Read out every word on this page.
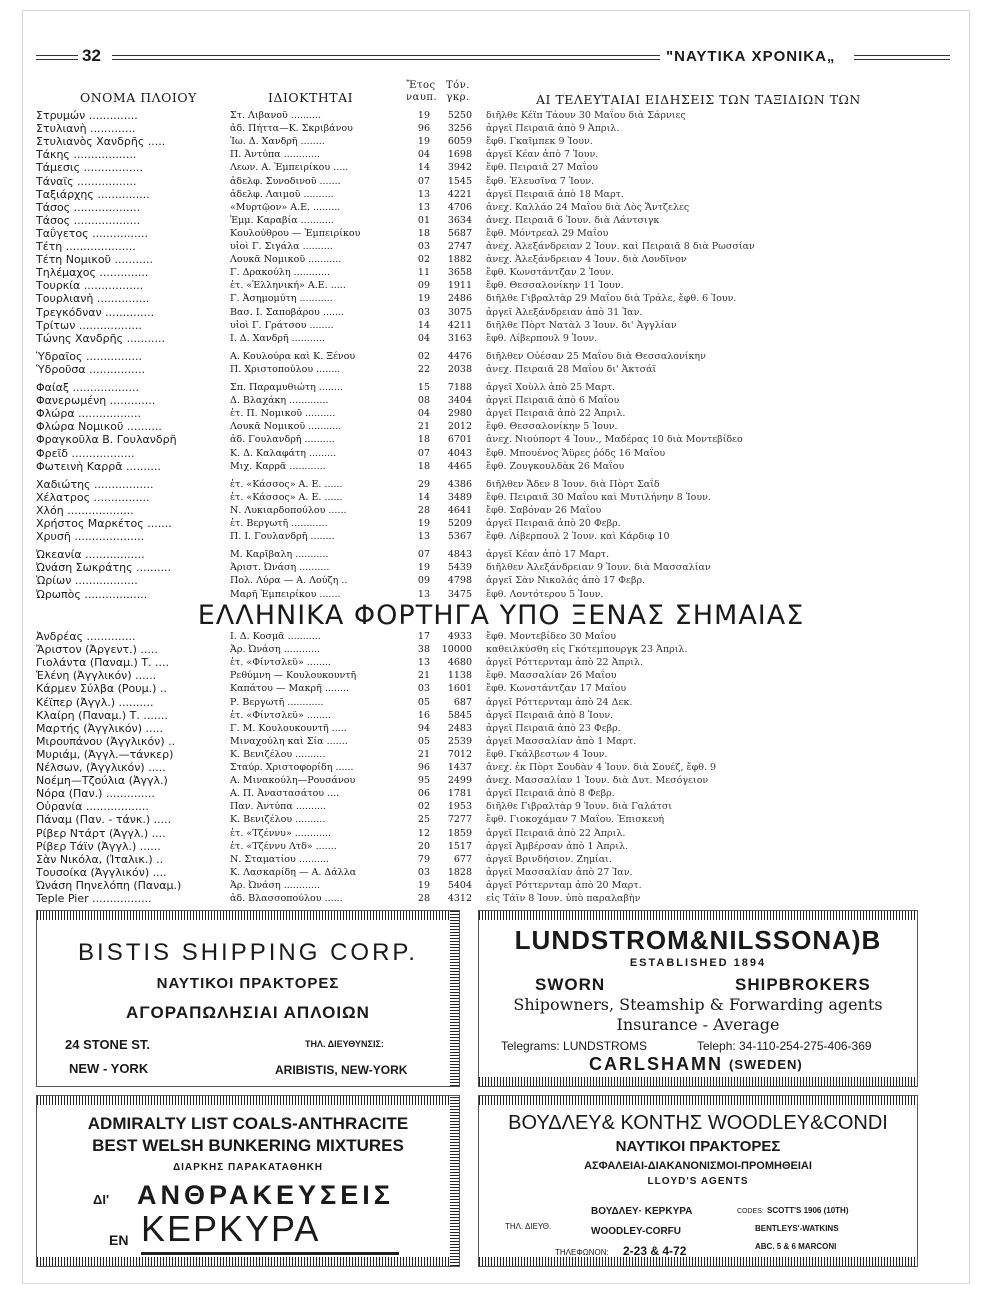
32	"ΝΑΥΤΙΚΑ ΧΡΟΝΙΚΑ„
ΟΝΟΜΑ ΠΛΟΙΟΥ	ΙΔΙΟΚΤΗΤΑΙ
Ἔτος ναυπ.
Τόν. γκρ.	ΑΙ ΤΕΛΕΥΤΑΙΑΙ ΕΙΔΗΣΕΙΣ ΤΩΝ ΤΑΞΙΔΙΩΝ ΤΩΝ
Στρυμών ..............	Στ. Λιβανοῦ ..........	19	5250 διῆλθε Κέϊπ Τάουν 30 Μαΐου διὰ Σάρνιες
Στυλιανὴ .............	ἀδ. Πήττα—Κ. Σκριβάνου	96	3256 ἀργεῖ Πειραιᾶ ἀπὸ 9 Ἀπριλ.
Στυλιανὸς Χανδρῆς .....	Ἰω. Δ. Χανδρῆ ........	19	6059 ἔφθ. Γκαῖμπεκ 9 Ἰουν.
Τάκης ..................	Π. Ἀντύπα ............	04	1698 ἀργεῖ Κέαν ἀπὸ 7 Ἰουν.
Τάμεσις .................	Λεων. Α. Ἐμπειρίκου .....	14	3942 ἔφθ. Πειραιᾶ 27 Μαΐου
Τάναϊς .................	ἀδελφ. Συνοδινοῦ .......	07	1545 ἔφθ. Ἐλευσῖνα 7 Ἰουν.
Ταξιάρχης ...............	ἀδελφ. Λαιμοῦ ..........	13	4221 ἀργεῖ Πειραιᾶ ἀπὸ 18 Μαρτ.
Τάσος ...................	«Μυρτῷον» Α.Ε. .........	13	4706 ἀνεχ. Καλλάο 24 Μαΐου διὰ Λὸς Ἄντζελες
Τάσος ...................	Ἐμμ. Καραβία ...........	01	3634 ἀνεχ. Πειραιᾶ 6 Ἰουν. διὰ Λάντσιγκ
Ταΰγετος ................	Κουλούθρου — Ἐμπειρίκου	18	5687 ἔφθ. Μόντρεαλ 29 Μαΐου
Τέτη ....................	υἱοὶ Γ. Σιγάλα ..........	03	2747 ἀνεχ. Ἀλεξάνδρειαν 2 Ἰουν. καὶ Πειραιᾶ 8 διὰ Ρωσσίαν
Τέτη Νομικοῦ ...........	Λουκᾶ Νομικοῦ ...........	02	1882 ἀνεχ. Ἀλεξάνδρειαν 4 Ἰουν. διὰ Λονδῖνον
Τηλέμαχος ..............	Γ. Δρακούλη ............	11	3658 ἔφθ. Κωνστάντζαν 2 Ἰουν.
Τουρκία .................	ἑτ. «Ἑλληνική» Α.Ε. .....	09	1911 ἔφθ. Θεσσαλονίκην 11 Ἰουν.
Τουρλιανὴ ...............	Γ. Ἀσημομύτη ...........	19	2486 διῆλθε Γιβραλτὰρ 29 Μαΐου διὰ Τράλε, ἔφθ. 6 Ἰουν.
Τρεγκόδναν ..............	Βασ. Ι. Σαποβάρου .......	03	3075 ἀργεῖ Ἀλεξάνδρειαν ἀπὸ 31 Ἰαν.
Τρίτων ..................	υἱοὶ Γ. Γράτσου ........	14	4211 διῆλθε Πὸρτ Νατὰλ 3 Ἰουν. δι' Ἀγγλίαν
Τώνης Χανδρῆς ...........	Ι. Δ. Χανδρῆ ...........	04	3163 ἔφθ. Λίβερπουλ 9 Ἰουν.
Ὑδραῖος ................	Α. Κουλούρα καὶ Κ. Ξένου	02	4476 διῆλθεν Οὐέσαν 25 Μαΐου διὰ Θεσσαλονίκην
Ὑδροῦσα ................	Π. Χριστοπούλου ........	22	2038 ἀνεχ. Πειραιᾶ 28 Μαΐου δι' Ἀκτσάϊ
Φαίαξ ...................	Σπ. Παραμυθιώτη ........	15	7188 ἀργεῖ Χοὺλλ ἀπὸ 25 Μαρτ.
Φανερωμένη .............	Δ. Βλαχάκη .............	08	3404 ἀργεῖ Πειραιᾶ ἀπὸ 6 Μαΐου
Φλώρα ..................	ἑτ. Π. Νομικοῦ ..........	04	2980 ἀργεῖ Πειραιᾶ ἀπὸ 22 Ἀπριλ.
Φλώρα Νομικοῦ ..........	Λουκᾶ Νομικοῦ ...........	21	2012 ἔφθ. Θεσσαλονίκην 5 Ἰουν.
Φραγκοῦλα Β. Γουλανδρῆ	ἀδ. Γουλανδρῆ ..........	18	6701 ἀνεχ. Νιούπορτ 4 Ἰουν., Μαδέρας 10 διὰ Μοντεβίδεο
Φρεῖδ ..................	Κ. Δ. Καλαφάτη .........	07	4043 ἔφθ. Μπουένος Ἄϋρες ῥόδς 16 Μαΐου
Φωτεινὴ Καρρᾶ ..........	Μιχ. Καρρᾶ ............	18	4465 ἔφθ. Ζουγκουλδὰκ 26 Μαΐου
Χαδιώτης .................	ἑτ. «Κάσσος» Α. Ε. ......	29	4386 διῆλθεν Ἄδεν 8 Ἰουν. διὰ Πὸρτ Σαΐδ
Χέλατρος ................	ἑτ. «Κάσσος» Α. Ε. ......	14	3489 ἔφθ. Πειραιᾶ 30 Μαΐου καὶ Μυτιλήνην 8 Ἰουν.
Χλόη ...................	Ν. Λυκιαρδοπούλου ......	28	4641 ἔφθ. Σαβόναν 26 Μαΐου
Χρήστος Μαρκέτος .......	ἑτ. Βεργωτῆ ............	19	5209 ἀργεῖ Πειραιᾶ ἀπὸ 20 Φεβρ.
Χρυσῆ ....................	Π. Ι. Γουλανδρῆ ........	13	5367 ἔφθ. Λίβερπουλ 2 Ἰουν. καὶ Κάρδιφ 10
Ὠκεανία .................	Μ. Καρῖβαλη ...........	07	4843 ἀργεῖ Κέαν ἀπὸ 17 Μαρτ.
Ὠνάση Σωκράτης ..........	Ἀριστ. Ὠνάση ..........	19	5439 διῆλθεν Ἀλεξάνδρειαν 9 Ἰουν. διὰ Μασσαλίαν
Ὡρίων ..................	Πολ. Λύρα — Α. Λούζη ..	09	4798 ἀργεῖ Σὰν Νικολάς ἀπὸ 17 Φεβρ.
Ὠρωπὸς ..................	Μαρῆ Ἐμπειρίκου .......	13	3475 ἔφθ. Λοντότερου 5 Ἰουν.
ΕΛΛΗΝΙΚΑ ΦΟΡΤΗΓΑ ΥΠΟ ΞΕΝΑΣ ΣΗΜΑΙΑΣ
Ἀνδρέας ..............	Ι. Δ. Κοσμᾶ ...........	17	4933 ἔφθ. Μοντεβίδεο 30 Μαΐου
Ἄριστον (Ἀργεντ.) .....	Ἀρ. Ὠνάση ............	38	10000 καθειλκύσθη εἰς Γκότεμπουργκ 23 Ἀπριλ.
Γιολάντα (Παναμ.) Τ. ....	ἑτ. «Φίντσλεϋ» ........	13	4680 ἀργεῖ Ρόττερνταμ ἀπὸ 22 Ἀπριλ.
Ἑλένη (Ἀγγλικόν) ......	Ρεθύμνη — Κουλουκουντῆ	21	1138 ἔφθ. Μασσαλίαν 26 Μαΐου
Κάρμεν Σύλβα (Ρουμ.) ..	Καπάτου — Μακρῆ ........	03	1601 ἔφθ. Κωνστάντζαν 17 Μαΐου
Κέϊπερ (Ἀγγλ.) ..........	Ρ. Βεργωτῆ ............	05	687 ἀργεῖ Ρόττερνταμ ἀπὸ 24 Δεκ.
Κλαίρη (Παναμ.) Τ. .......	ἑτ. «Φίντσλεϋ» ........	16	5845 ἀργεῖ Πειραιᾶ ἀπὸ 8 Ἰουν.
Μαρτής (Ἀγγλικόν) .....	Γ. Μ. Κουλουκουντῆ .....	94	2483 ἀργεῖ Πειραιᾶ ἀπὸ 23 Φεβρ.
Μιρουπάνου (Ἀγγλικόν) ..	Μιναχούλη καὶ Σία .......	05	2539 ἀργεῖ Μασσαλίαν ἀπὸ 1 Μαρτ.
Μυριάμ, (Ἀγγλ.—τάνκερ)	Κ. Βενιζέλου ..........	21	7012 ἔφθ. Γκάλβεστων 4 Ἰουν.
Νέλσων, (Ἀγγλικόν) .....	Σταύρ. Χριστοφορίδη ......	96	1437 ἀνεχ. ἐκ Πὸρτ Σουδὰν 4 Ἰουν. διὰ Σουέζ, ἔφθ. 9
Νοέμη—Τζούλια (Ἀγγλ.)	Α. Μινακούλη—Ρουσάνου	95	2499 ἀνεχ. Μασσαλίαν 1 Ἰουν. διὰ Δυτ. Μεσόγειον
Νόρα (Παν.) ..............	Α. Π. Ἀναστασάτου ....	06	1781 ἀργεῖ Πειραιᾶ ἀπὸ 8 Φεβρ.
Οὐρανία ..................	Παν. Ἀντύπα ..........	02	1953 διῆλθε Γιβραλτὰρ 9 Ἰουν. διὰ Γαλάτσι
Πάναμ (Παν. - τάνκ.) .....	Κ. Βενιζέλου ..........	25	7277 ἔφθ. Γιοκοχάμαν 7 Μαΐου. Ἐπισκευή
Ρίβερ Ντάρτ (Ἀγγλ.) ....	ἑτ. «Τζέννυ» ............	12	1859 ἀργεῖ Πειραιᾶ ἀπὸ 22 Ἀπριλ.
Ρίβερ Τάϊν (Ἀγγλ.) ......	ἑτ. «Τζέννυ Λτδ» .......	20	1517 ἀργεῖ Ἀμβέρσαν ἀπὸ 1 Ἀπριλ.
Σὰν Νικόλα, (Ἰταλικ.) ..	Ν. Σταματίου ..........	79	677 ἀργεῖ Βρινδήσιον. Ζημίαι.
Τουσοίκα (Ἀγγλικόν) ....	Κ. Λασκαρίδη — Α. Δάλλα	03	1828 ἀργεῖ Μασσαλίαν ἀπὸ 27 Ἰαν.
Ὠνάση Πηνελόπη (Παναμ.)	Ἀρ. Ὠνάση ............	19	5404 ἀργεῖ Ρόττερνταμ ἀπὸ 20 Μαρτ.
Teple Pier .................	ἀδ. Βλασσοπούλου ......	28	4312 εἰς Τάϊν 8 Ἰουν. ὑπὸ παραλαβὴν
BISTIS SHIPPING CORP.
ΝΑΥΤΙΚΟΙ ΠΡΑΚΤΟΡΕΣ
ΑΓΟΡΑΠΩΛΗΣΙΑΙ ΑΠΛΟΙΩΝ
24 STONE ST.	ΤΗΛ. ΔΙΕΥΘΥΝΣΙΣ:
NEW - YORK	ARIBISTIS, NEW-YORK
LUNDSTROM&NILSSONA)B
ESTABLISHED 1894
SWORN	SHIPBROKERS
Shipowners, Steamship & Forwarding agents
Insurance - Average
Telegrams: LUNDSTROMS	Teleph: 34-110-254-275-406-369
CARLSHAMN (SWEDEN)
ADMIRALTY LIST COALS-ANTHRACITE
BEST WELSH BUNKERING MIXTURES
ΔΙΑΡΚΗΣ ΠΑΡΑΚΑΤΑΘΗΚΗ
ΔΙ' ΑΝΘΡΑΚΕΥΣΕΙΣ
ΕΝ ΚΕΡΚΥΡΑ
ΒΟΥΔΛΕΥ& ΚΟΝΤΗΣ WOODLEY&CONDI
ΝΑΥΤΙΚΟΙ ΠΡΑΚΤΟΡΕΣ
ΑΣΦΑΛΕΙΑΙ-ΔΙΑΚΑΝΟΝΙΣΜΟΙ-ΠΡΟΜΗΘΕΙΑΙ
LLOYD'S AGENTS
ΤΗΛ. ΔΙΕΥΘ.
ΒΟΥΔΛΕΥ· ΚΕΡΚΥΡΑ
WOODLEY-CORFU
ΤΗΛΕΦΩΝΟΝ: 2-23 & 4-72
CODES: SCOTT'S 1906 (10TH)
BENTLEYS'-WATKINS
ABC. 5 & 6 MARCONI
